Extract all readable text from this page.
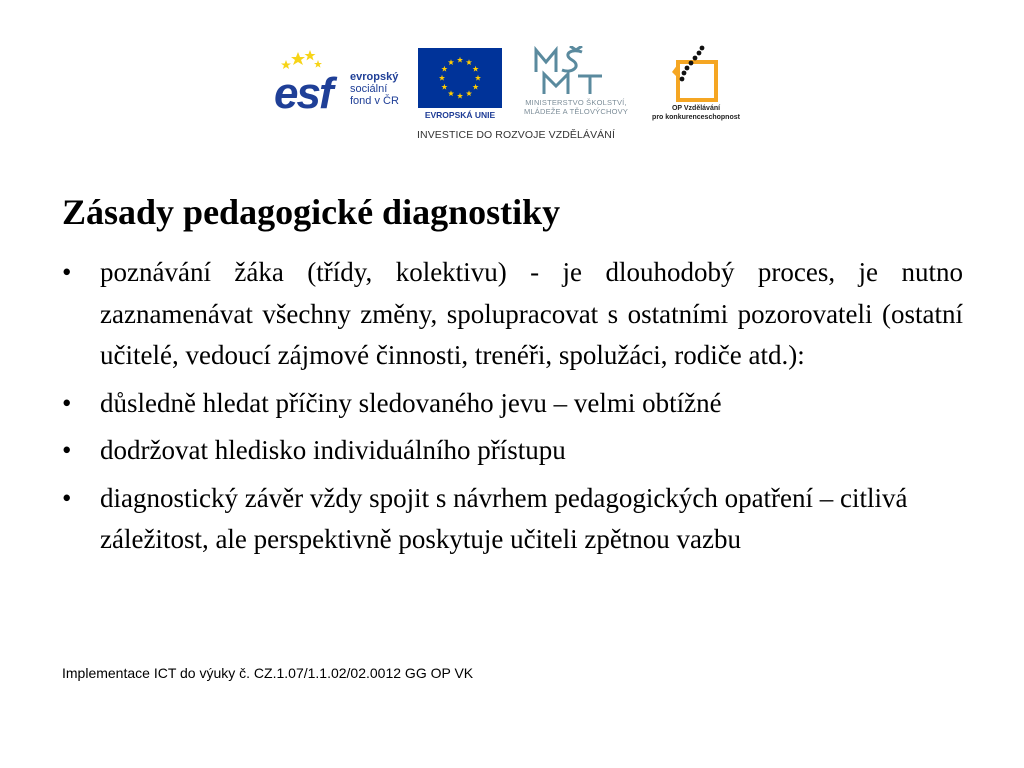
esf	evropský
sociální
fond v ČR
EVROPSKÁ UNIE
MINISTERSTVO ŠKOLSTVÍ,
MLÁDEŽE A TĚLOVÝCHOVY	OP Vzdělávání
pro konkurenceschopnost
INVESTICE DO ROZVOJE VZDĚLÁVÁNÍ
Zásady pedagogické diagnostiky
•	poznávání žáka (třídy, kolektivu) - je dlouhodobý proces, je nutno zaznamenávat všechny změny, spolupracovat s ostatními pozorovateli (ostatní učitelé, vedoucí zájmové činnosti, trenéři, spolužáci, rodiče atd.):
•	důsledně hledat příčiny sledovaného jevu – velmi obtížné
•	dodržovat hledisko individuálního přístupu
•	diagnostický závěr vždy spojit s návrhem pedagogických opatření – citlivá záležitost, ale perspektivně poskytuje učiteli zpětnou vazbu

Implementace ICT do výuky č. CZ.1.07/1.1.02/02.0012 GG OP VK
